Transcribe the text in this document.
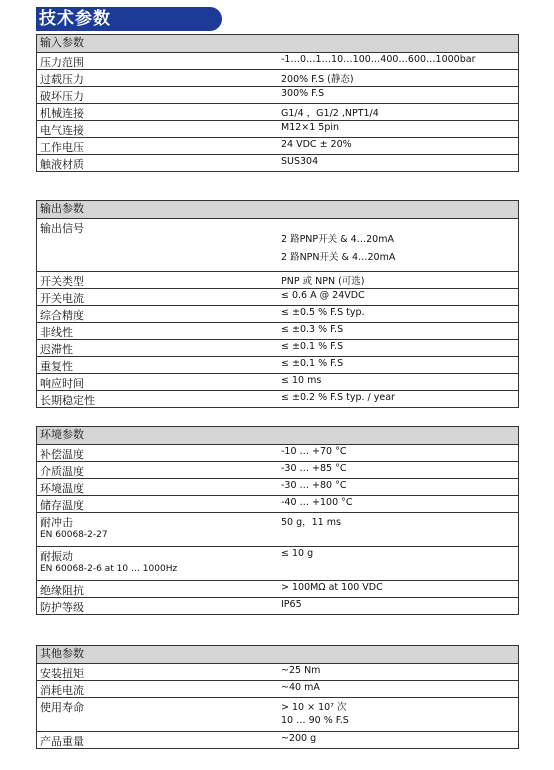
技术参数
输入参数

压力范围	-1…0…1…10…100…400…600…1000bar

过载压力	200% F.S (静态)

破坏压力	300% F.S

机械连接	G1/4 ，G1/2 ,NPT1/4

电气连接	M12×1 5pin

工作电压	24 VDC ± 20%

触液材质	SUS304
输出参数

输出信号
2 路PNP开关 & 4…20mA
2 路NPN开关 & 4…20mA

开关类型	PNP 或 NPN (可选)

开关电流	≤ 0.6 A @ 24VDC

综合精度	≤ ±0.5 % F.S typ.

非线性	≤ ±0.3 % F.S

迟滞性	≤ ±0.1 % F.S

重复性	≤ ±0.1 % F.S

响应时间	≤ 10 ms

长期稳定性	≤ ±0.2 % F.S typ. / year
环境参数

补偿温度	-10 … +70 °C

介质温度	-30 … +85 °C

环境温度	-30 … +80 °C

储存温度	-40 … +100 °C

耐冲击	50 g，11 ms
EN 60068-2-27

耐振动	≤ 10 g
EN 60068-2-6 at 10 … 1000Hz

绝缘阻抗	> 100MΩ at 100 VDC

防护等级	IP65
其他参数

安装扭矩	~25 Nm

消耗电流	~40 mA

使用寿命	> 10 × 10⁷ 次
10 … 90 % F.S

产品重量	~200 g
